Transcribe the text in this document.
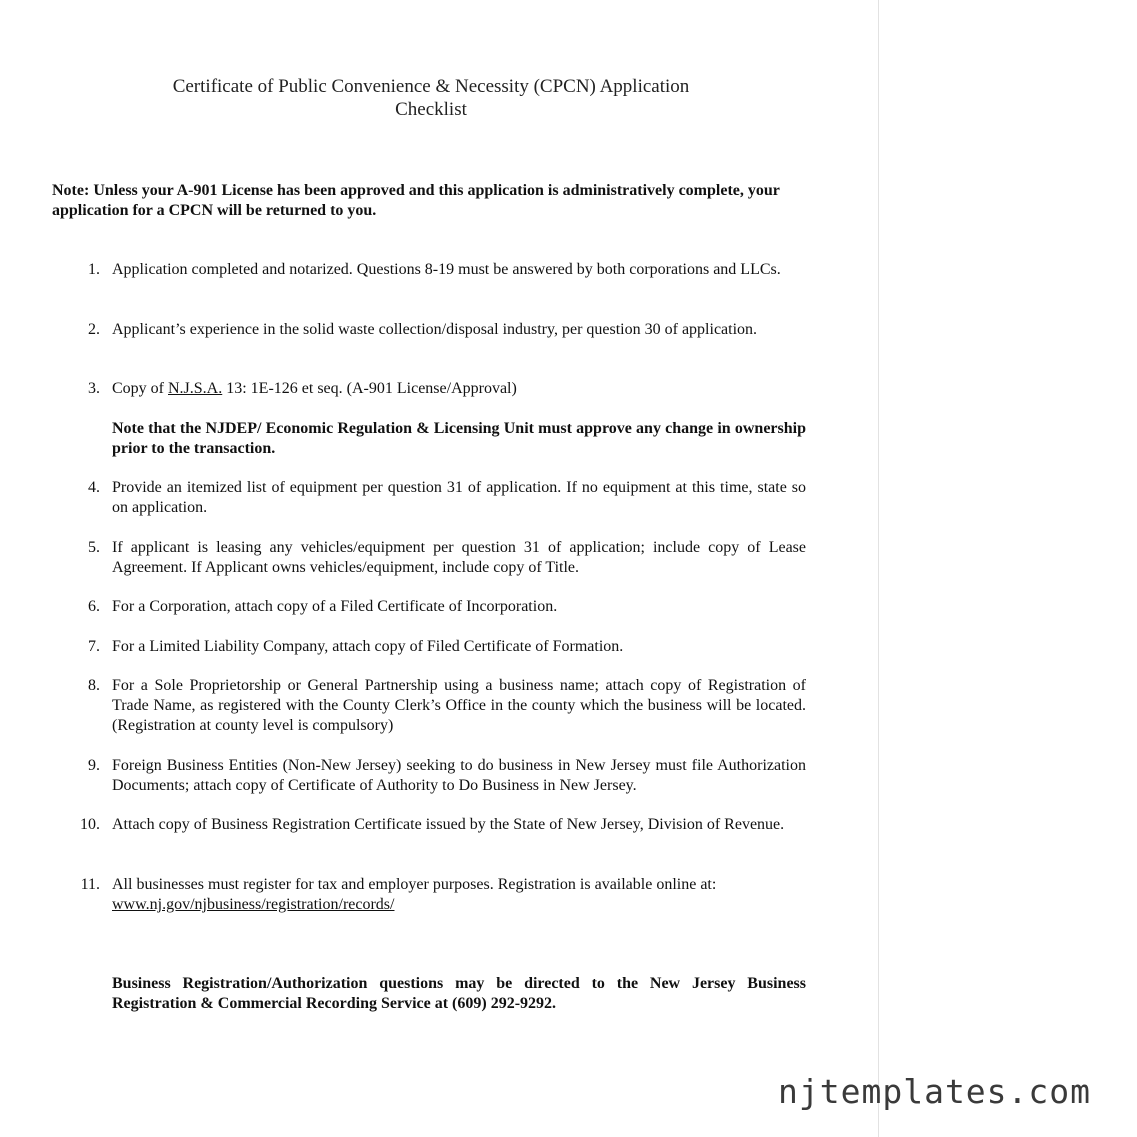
Certificate of Public Convenience & Necessity (CPCN) Application
Checklist
Note: Unless your A-901 License has been approved and this application is administratively complete, your application for a CPCN will be returned to you.
1. Application completed and notarized. Questions 8-19 must be answered by both corporations and LLCs.
2. Applicant’s experience in the solid waste collection/disposal industry, per question 30 of application.
3. Copy of N.J.S.A. 13: 1E-126 et seq. (A-901 License/Approval)
Note that the NJDEP/ Economic Regulation & Licensing Unit must approve any change in ownership prior to the transaction.
4. Provide an itemized list of equipment per question 31 of application. If no equipment at this time, state so on application.
5. If applicant is leasing any vehicles/equipment per question 31 of application; include copy of Lease Agreement. If Applicant owns vehicles/equipment, include copy of Title.
6. For a Corporation, attach copy of a Filed Certificate of Incorporation.
7. For a Limited Liability Company, attach copy of Filed Certificate of Formation.
8. For a Sole Proprietorship or General Partnership using a business name; attach copy of Registration of Trade Name, as registered with the County Clerk’s Office in the county which the business will be located. (Registration at county level is compulsory)
9. Foreign Business Entities (Non-New Jersey) seeking to do business in New Jersey must file Authorization Documents; attach copy of Certificate of Authority to Do Business in New Jersey.
10. Attach copy of Business Registration Certificate issued by the State of New Jersey, Division of Revenue.
11. All businesses must register for tax and employer purposes. Registration is available online at:
www.nj.gov/njbusiness/registration/records/
Business Registration/Authorization questions may be directed to the New Jersey Business Registration & Commercial Recording Service at (609) 292-9292.
njtemplates.com
